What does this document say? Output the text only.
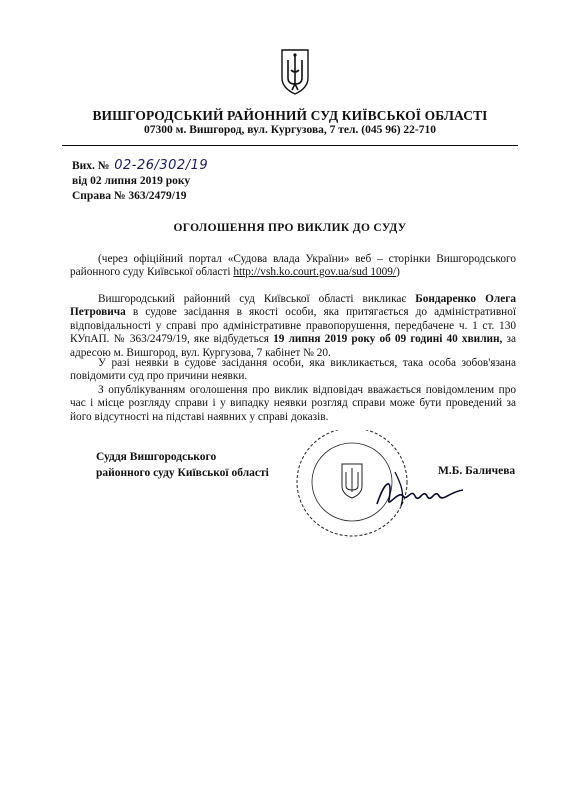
ВИШГОРОДСЬКИЙ РАЙОННИЙ СУД КИЇВСЬКОЇ ОБЛАСТІ
07300 м. Вишгород, вул. Кургузова, 7 тел. (045 96) 22-710
Вих. № 02-26/302/19
від 02 липня 2019 року
Справа № 363/2479/19
ОГОЛОШЕННЯ ПРО ВИКЛИК ДО СУДУ
(через офіційний портал «Судова влада України» веб – сторінки Вишгородського районного суду Київської області http://vsh.ko.court.gov.ua/sud 1009/)
Вишгородський районний суд Київської області викликає Бондаренко Олега Петровича в судове засідання в якості особи, яка притягається до адміністративної відповідальності у справі про адміністративне правопорушення, передбачене ч. 1 ст. 130 КУпАП. № 363/2479/19, яке відбудеться 19 липня 2019 року об 09 годині 40 хвилин, за адресою м. Вишгород, вул. Кургузова, 7 кабінет № 20.
У разі неявки в судове засідання особи, яка викликається, така особа зобов'язана повідомити суд про причини неявки.
З опублікуванням оголошення про виклик відповідач вважається повідомленим про час і місце розгляду справи і у випадку неявки розгляд справи може бути проведений за його відсутності на підставі наявних у справі доказів.
Суддя Вишгородського
районного суду Київської області	М.Б. Баличева
